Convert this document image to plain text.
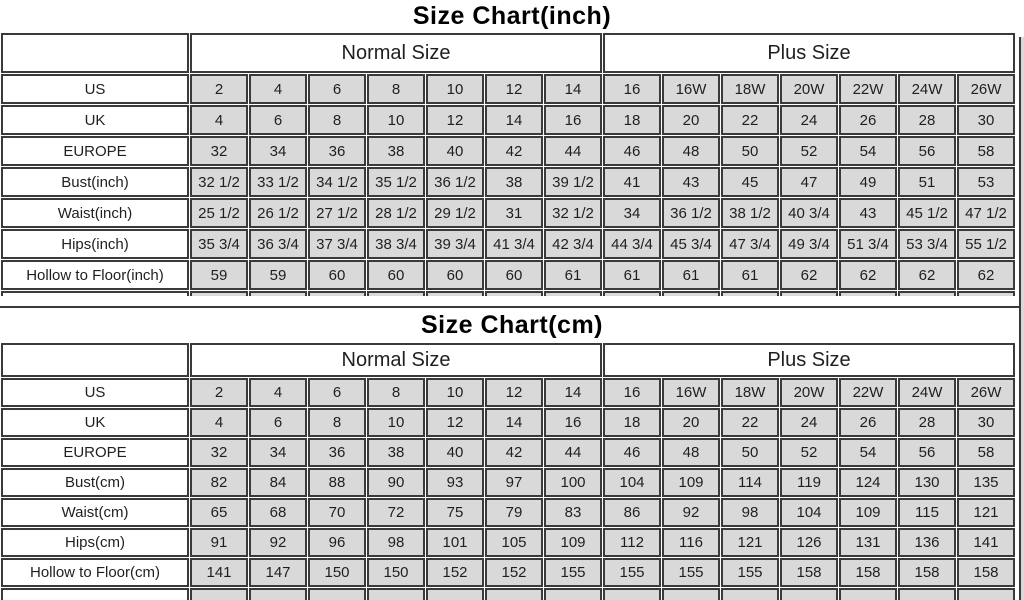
Size Chart(inch)
	Normal Size							Plus Size						
US	2	4	6	8	10	12	14	16	16W	18W	20W	22W	24W	26W
UK	4	6	8	10	12	14	16	18	20	22	24	26	28	30
EUROPE	32	34	36	38	40	42	44	46	48	50	52	54	56	58
Bust(inch)	32 1/2	33 1/2	34 1/2	35 1/2	36 1/2	38	39 1/2	41	43	45	47	49	51	53
Waist(inch)	25 1/2	26 1/2	27 1/2	28 1/2	29 1/2	31	32 1/2	34	36 1/2	38 1/2	40 3/4	43	45 1/2	47 1/2
Hips(inch)	35 3/4	36 3/4	37 3/4	38 3/4	39 3/4	41 3/4	42 3/4	44 3/4	45 3/4	47 3/4	49 3/4	51 3/4	53 3/4	55 1/2
Hollow to Floor(inch)	59	59	60	60	60	60	61	61	61	61	62	62	62	62

Size Chart(cm)
	Normal Size							Plus Size						
US	2	4	6	8	10	12	14	16	16W	18W	20W	22W	24W	26W
UK	4	6	8	10	12	14	16	18	20	22	24	26	28	30
EUROPE	32	34	36	38	40	42	44	46	48	50	52	54	56	58
Bust(cm)	82	84	88	90	93	97	100	104	109	114	119	124	130	135
Waist(cm)	65	68	70	72	75	79	83	86	92	98	104	109	115	121
Hips(cm)	91	92	96	98	101	105	109	112	116	121	126	131	136	141
Hollow to Floor(cm)	141	147	150	150	152	152	155	155	155	155	158	158	158	158
